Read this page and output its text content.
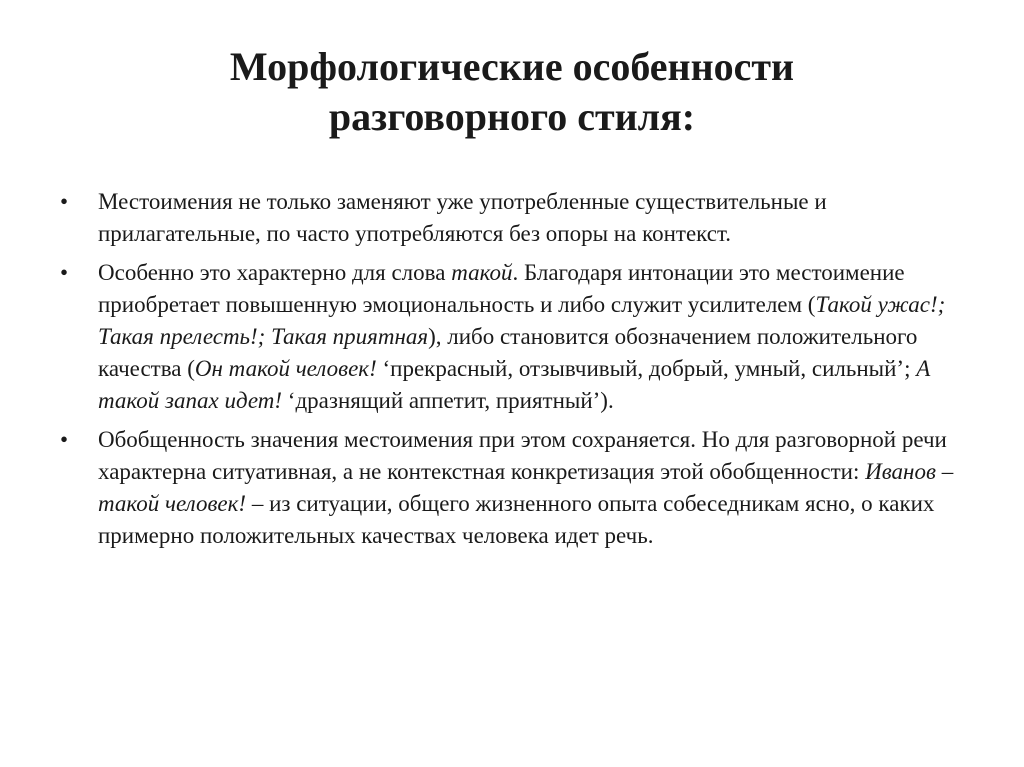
Морфологические особенности
разговорного стиля:
• Местоимения не только заменяют уже употребленные существительные и прилагательные, по часто употребляются без опоры на контекст.
• Особенно это характерно для слова такой. Благодаря интонации это местоимение приобретает повышенную эмоциональность и либо служит усилителем (Такой ужас!; Такая прелесть!; Такая приятная), либо становится обозначением положительного качества (Он такой человек! ‘прекрасный, отзывчивый, добрый, умный, сильный’; А такой запах идет! ‘дразнящий аппетит, приятный’).
• Обобщенность значения местоимения при этом сохраняется. Но для разговорной речи характерна ситуативная, а не контекстная конкретизация этой обобщенности: Иванов – такой человек! – из ситуации, общего жизненного опыта собеседникам ясно, о каких примерно положительных качествах человека идет речь.
